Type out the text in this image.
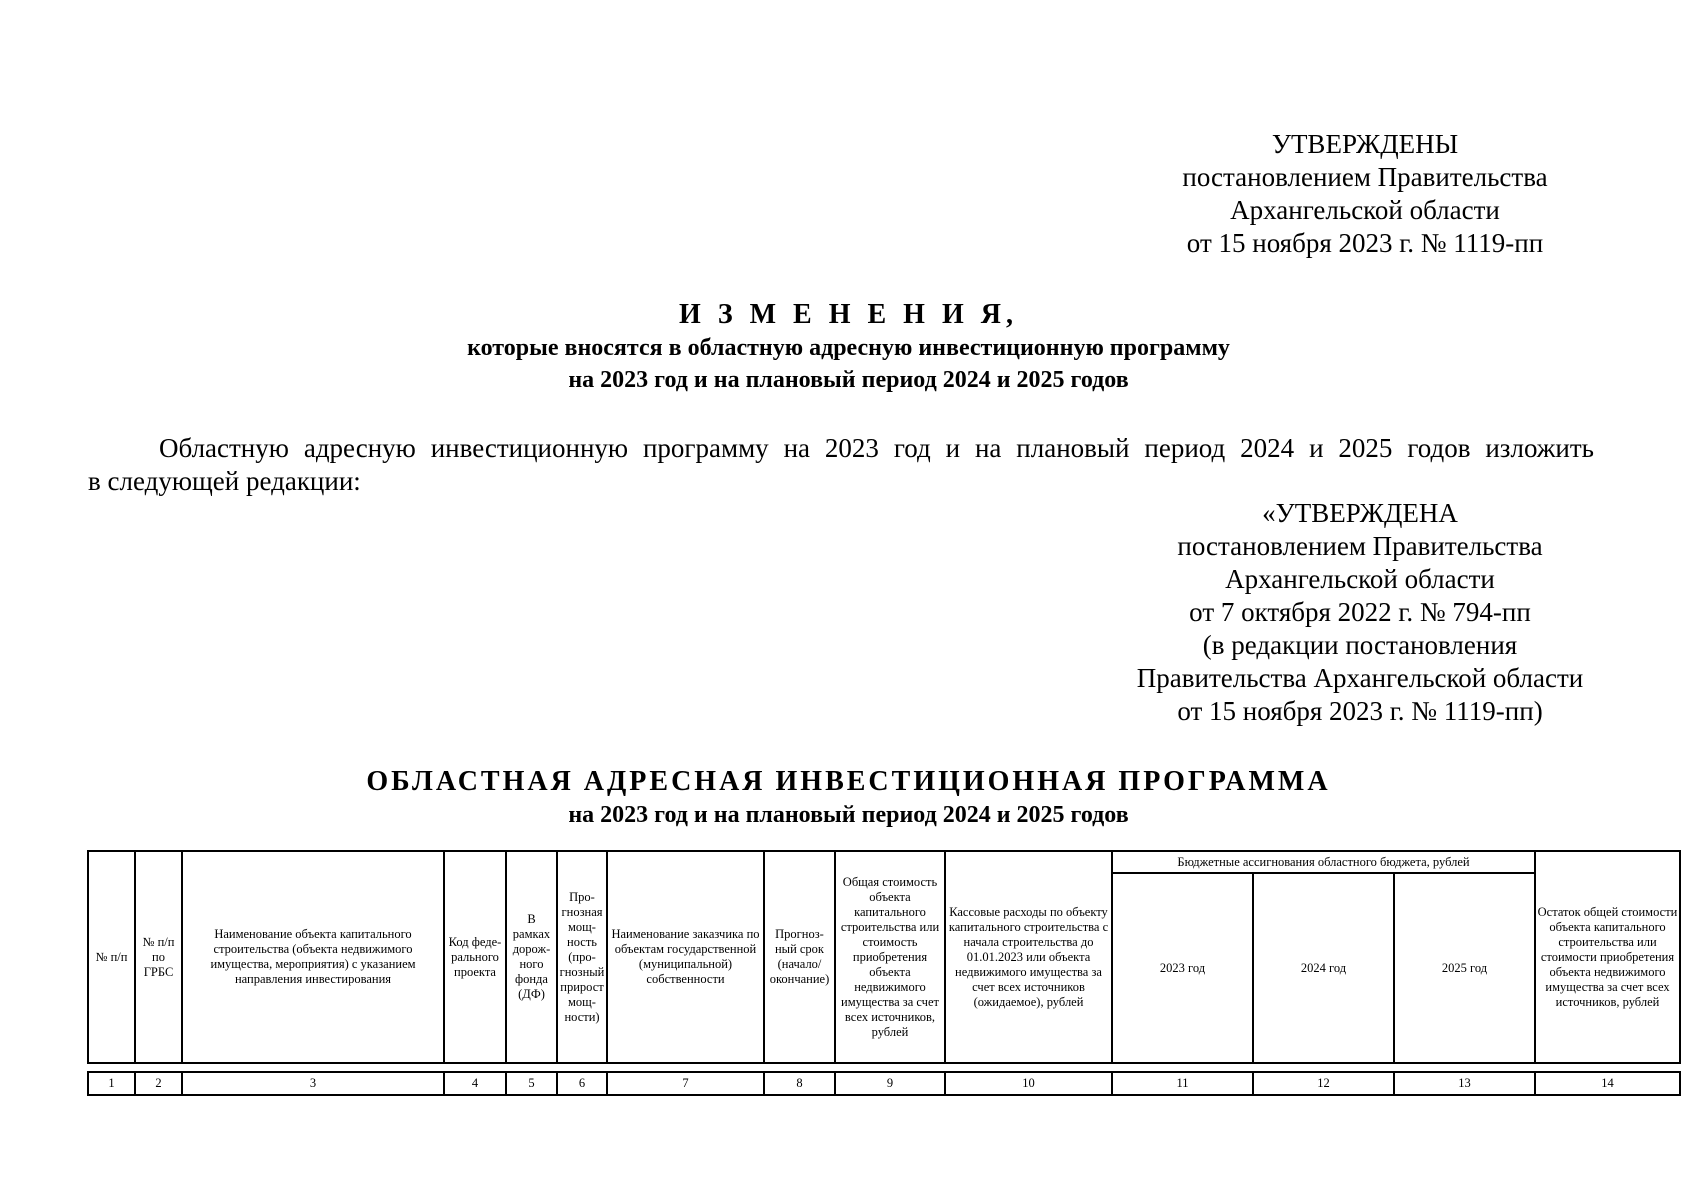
УТВЕРЖДЕНЫ
постановлением Правительства
Архангельской области
от 15 ноября 2023 г. № 1119-пп
И З М Е Н Е Н И Я,
которые вносятся в областную адресную инвестиционную программу
на 2023 год и на плановый период 2024 и 2025 годов
Областную адресную инвестиционную программу на 2023 год и на плановый период 2024 и 2025 годов изложить
в следующей редакции:
«УТВЕРЖДЕНА
постановлением Правительства
Архангельской области
от 7 октября 2022 г. № 794-пп
(в редакции постановления
Правительства Архангельской области
от 15 ноября 2023 г. № 1119-пп)
ОБЛАСТНАЯ АДРЕСНАЯ ИНВЕСТИЦИОННАЯ ПРОГРАММА
на 2023 год и на плановый период 2024 и 2025 годов
№ п/п	№ п/п по ГРБС	Наименование объекта капитального строительства (объекта недвижимого имущества, мероприятия) с указанием направления инвестирования	Код феде-рального проекта	В рамках дорож-ного фонда (ДФ)	Про-гнозная мощ-ность (про-гнозный прирост мощ-ности)	Наименование заказчика по объектам государственной (муниципальной) собственности	Прогноз-ный срок (начало/ окончание)	Общая стоимость объекта капитального строительства или стоимость приобретения объекта недвижимого имущества за счет всех источников, рублей	Кассовые расходы по объекту капитального строительства с начала строительства до 01.01.2023 или объекта недвижимого имущества за счет всех источников (ожидаемое), рублей	Бюджетные ассигнования областного бюджета, рублей			Остаток общей стоимости объекта капитального строительства или стоимости приобретения объекта недвижимого имущества за счет всех источников, рублей
										2023 год	2024 год	2025 год	
1	2	3	4	5	6	7	8	9	10	11	12	13	14
